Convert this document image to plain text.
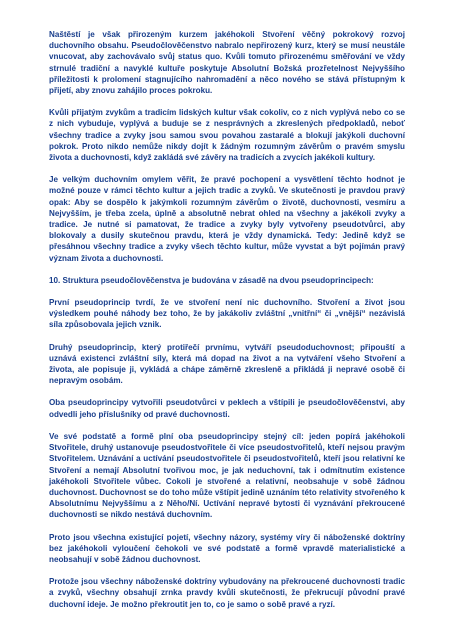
Naštěstí je však přirozeným kurzem jakéhokoli Stvoření věčný pokrokový rozvoj duchovního obsahu. Pseudočlověčenstvo nabralo nepřirozený kurz, který se musí neustále vnucovat, aby zachovávalo svůj status quo. Kvůli tomuto přirozenému směřování ve vždy strnulé tradiční a navyklé kultuře poskytuje Absolutní Božská prozřetelnost Nejvyššího příležitosti k prolomení stagnujícího nahromadění a něco nového se stává přístupným k přijetí, aby znovu zahájilo proces pokroku.

Kvůli přijatým zvykům a tradicím lidských kultur však cokoliv, co z nich vyplývá nebo co se z nich vybuduje, vyplývá a buduje se z nesprávných a zkreslených předpokladů, neboť všechny tradice a zvyky jsou samou svou povahou zastaralé a blokují jakýkoli duchovní pokrok. Proto nikdo nemůže nikdy dojít k žádným rozumným závěrům o pravém smyslu života a duchovnosti, když zakládá své závěry na tradicích a zvycích jakékoli kultury.

Je velkým duchovním omylem věřit, že pravé pochopení a vysvětlení těchto hodnot je možné pouze v rámci těchto kultur a jejich tradic a zvyků. Ve skutečnosti je pravdou pravý opak: Aby se dospělo k jakýmkoli rozumným závěrům o životě, duchovnosti, vesmíru a Nejvyšším, je třeba zcela, úplně a absolutně nebrat ohled na všechny a jakékoli zvyky a tradice. Je nutné si pamatovat, že tradice a zvyky byly vytvořeny pseudotvůrci, aby blokovaly a dusily skutečnou pravdu, která je vždy dynamická. Tedy: Jedině když se přesáhnou všechny tradice a zvyky všech těchto kultur, může vyvstat a být pojímán pravý význam života a duchovnosti.

10. Struktura pseudočlověčenstva je budována v zásadě na dvou pseudoprincipech:

První pseudoprincip tvrdí, že ve stvoření není nic duchovního. Stvoření a život jsou výsledkem pouhé náhody bez toho, že by jakákoliv zvláštní „vnitřní“ či „vnější“ nezávislá síla způsobovala jejich vznik.

Druhý pseudoprincip, který protiřečí prvnímu, vytváří pseudoduchovnost; připouští a uznává existenci zvláštní síly, která má dopad na život a na vytváření všeho Stvoření a života, ale popisuje ji, vykládá a chápe záměrně zkresleně a přikládá ji nepravé osobě či nepravým osobám.

Oba pseudoprincipy vytvořili pseudotvůrci v peklech a vštípili je pseudočlověčenstvi, aby odvedli jeho příslušníky od pravé duchovnosti.

Ve své podstatě a formě plní oba pseudoprincipy stejný cíl: jeden popírá jakéhokoli Stvořitele, druhý ustanovuje pseudostvořitele či více pseudostvořitelů, kteří nejsou pravým Stvořitelem. Uznávání a uctívání pseudostvořitele či pseudostvořitelů, kteří jsou relativní ke Stvoření a nemají Absolutní tvořivou moc, je jak neduchovní, tak i odmítnutím existence jakéhokoli Stvořitele vůbec. Cokoli je stvořené a relativní, neobsahuje v sobě žádnou duchovnost. Duchovnost se do toho může vštípit jedině uznáním této relativity stvořeného k Absolutnímu Nejvyššímu a z Něho/Ní. Uctívání nepravé bytosti či vyznávání překroucené duchovnosti se nikdo nestává duchovním.

Proto jsou všechna existující pojetí, všechny názory, systémy víry či náboženské doktríny bez jakéhokoli vyloučení čehokoli ve své podstatě a formě vpravdě materialistické a neobsahují v sobě žádnou duchovnost.

Protože jsou všechny náboženské doktríny vybudovány na překroucené duchovnosti tradic a zvyků, všechny obsahují zrnka pravdy kvůli skutečnosti, že překrucují původní pravé duchovní ideje. Je možno překroutit jen to, co je samo o sobě pravé a ryzí.
